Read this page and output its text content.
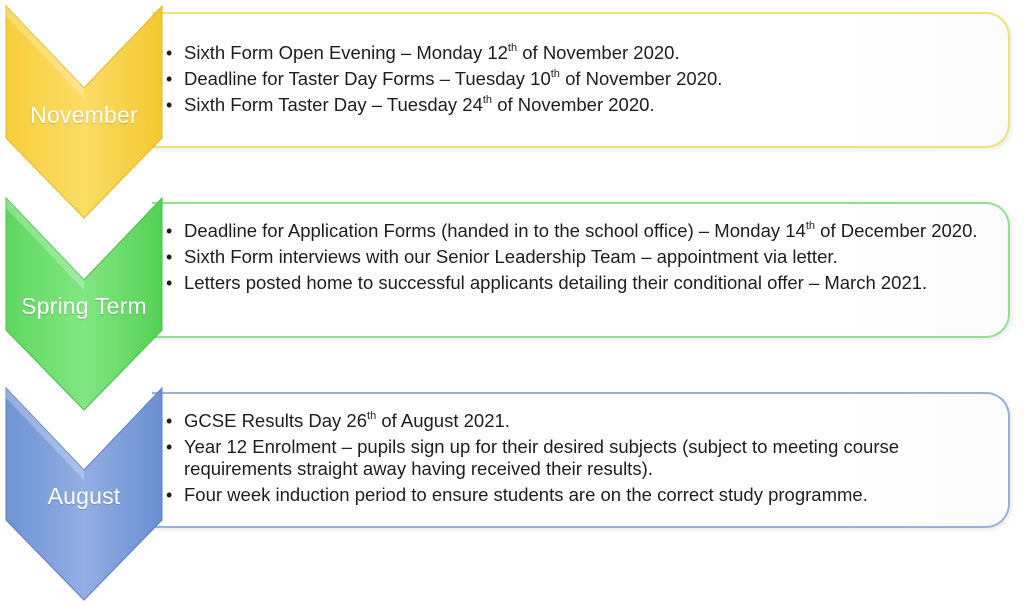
• Sixth Form Open Evening – Monday 12th of November 2020.
• Deadline for Taster Day Forms – Tuesday 10th of November 2020.
• Sixth Form Taster Day – Tuesday 24th of November 2020.
November
• Deadline for Application Forms (handed in to the school office) – Monday 14th of December 2020.
• Sixth Form interviews with our Senior Leadership Team – appointment via letter.
• Letters posted home to successful applicants detailing their conditional offer – March 2021.
Spring Term
• GCSE Results Day 26th of August 2021.
• Year 12 Enrolment – pupils sign up for their desired subjects (subject to meeting course requirements straight away having received their results).
• Four week induction period to ensure students are on the correct study programme.
August
